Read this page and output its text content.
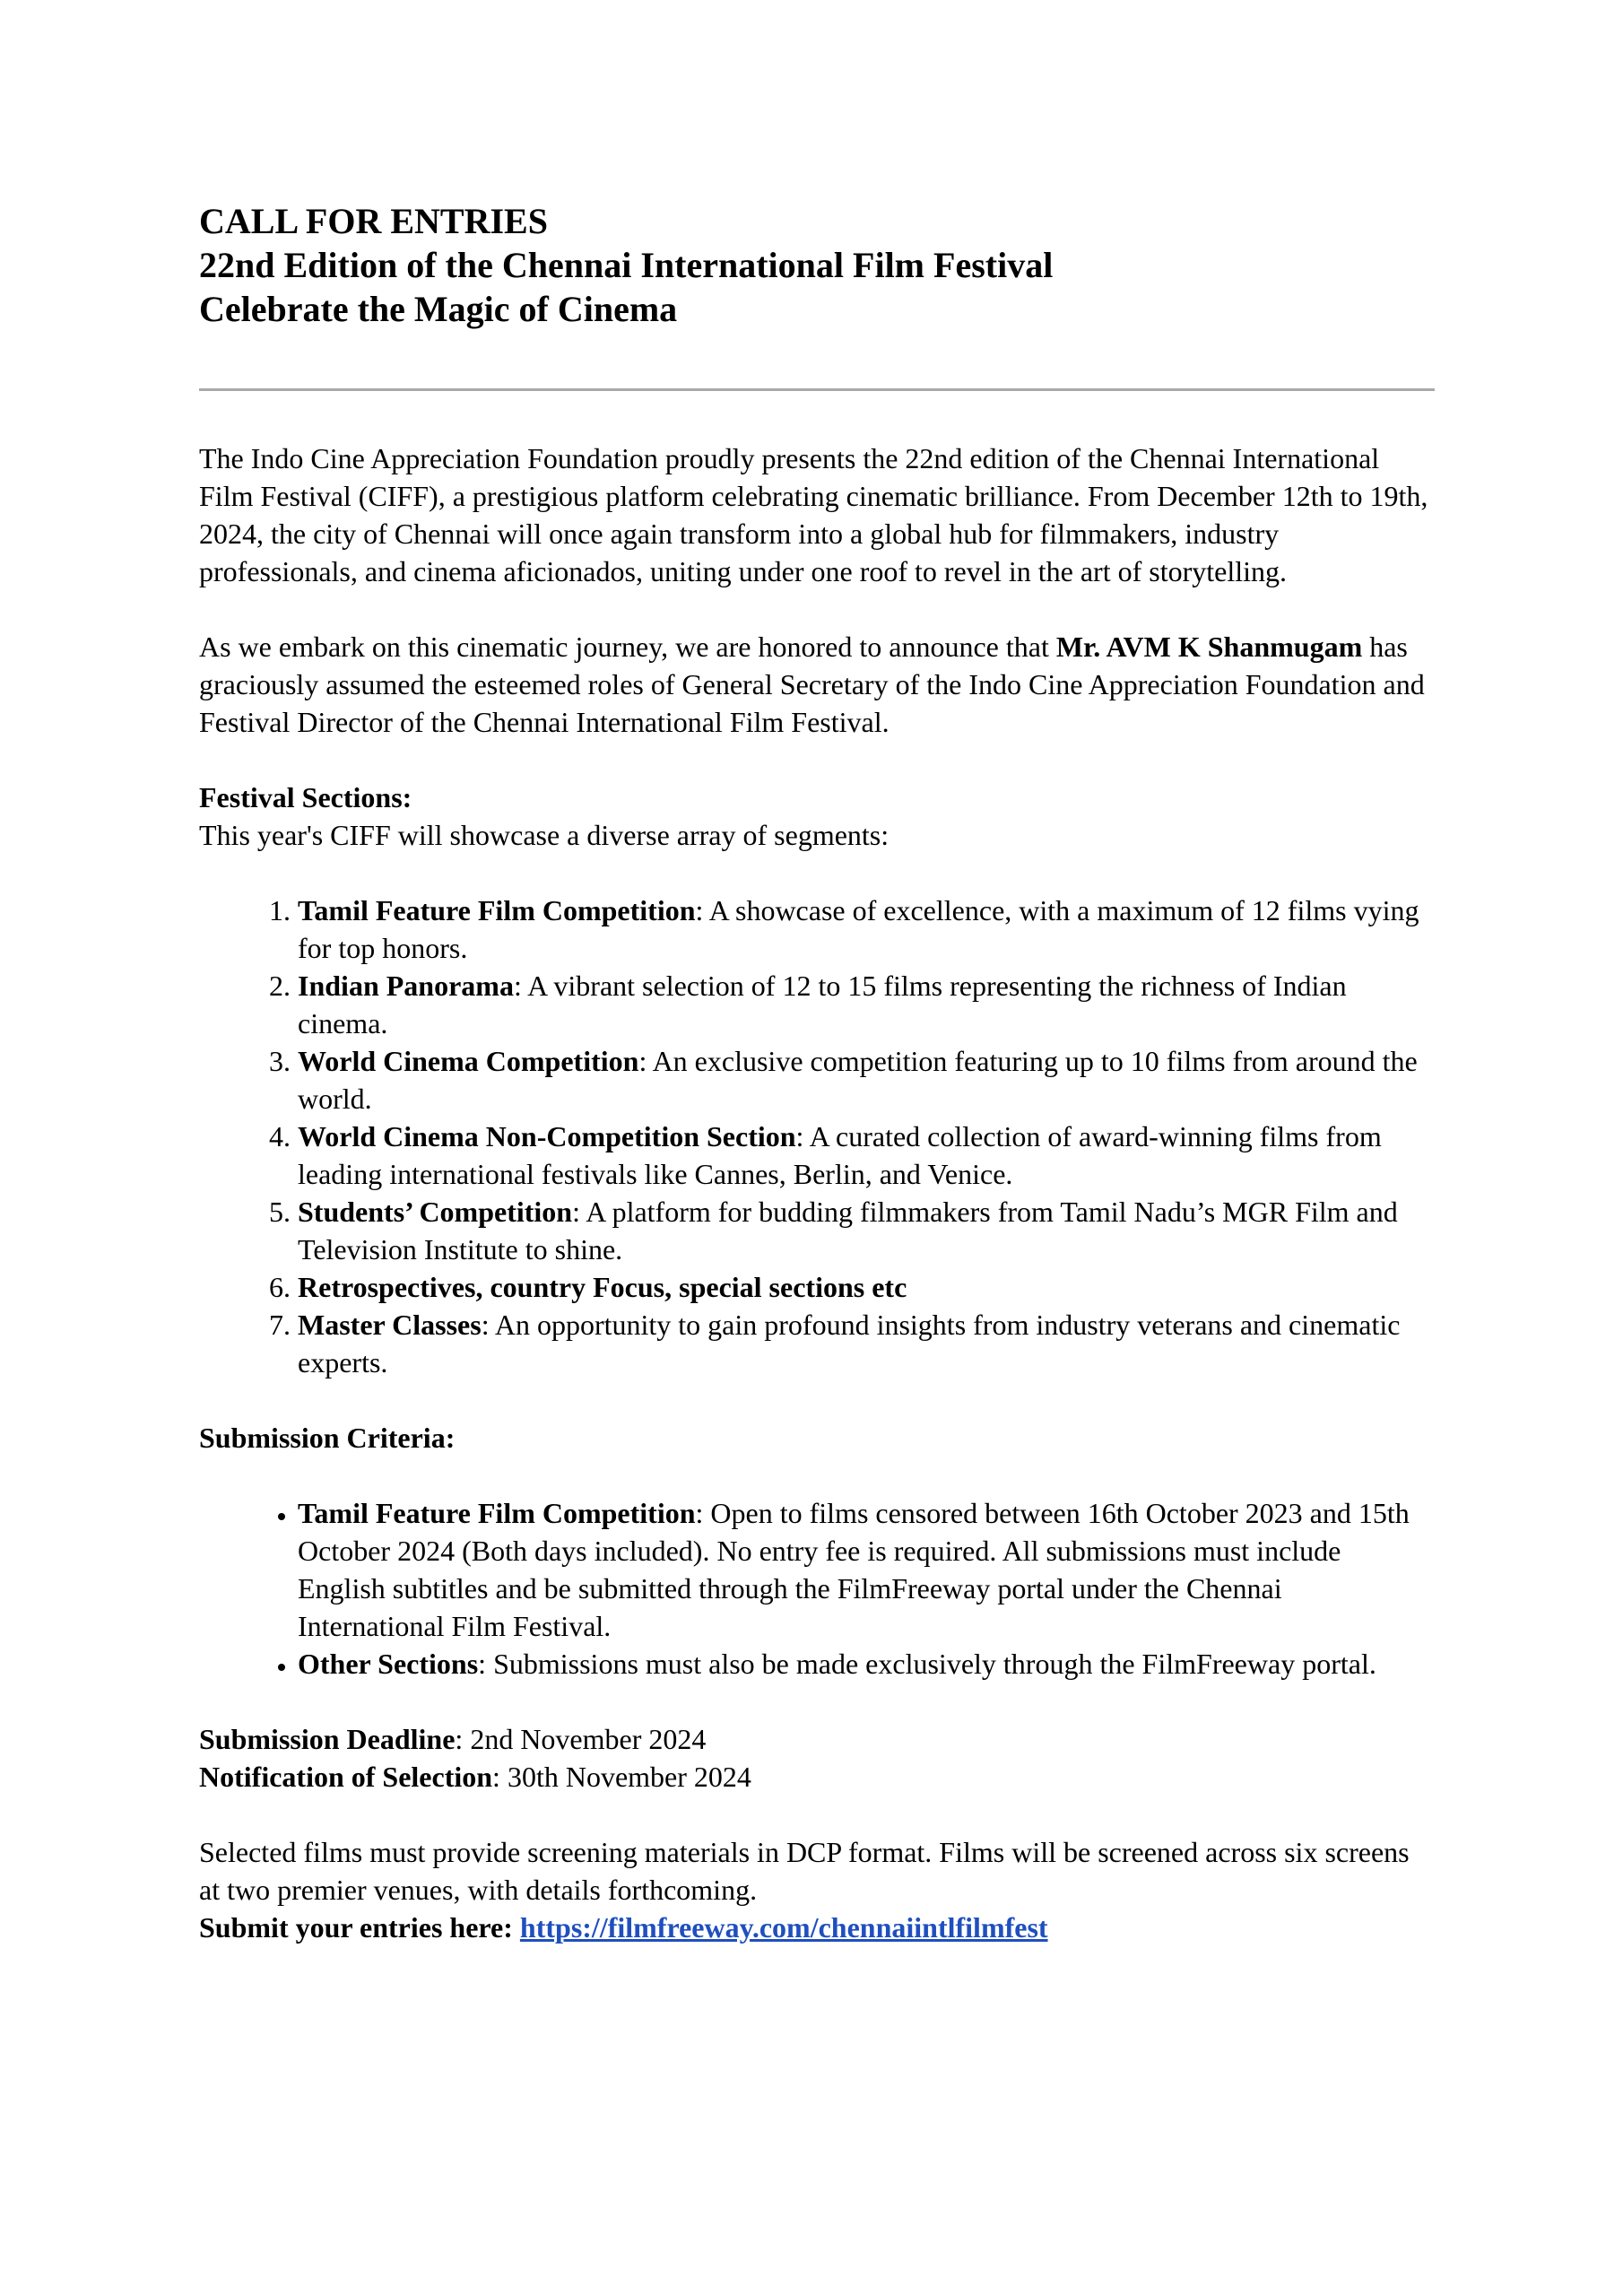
CALL FOR ENTRIES
22nd Edition of the Chennai International Film Festival
Celebrate the Magic of Cinema

The Indo Cine Appreciation Foundation proudly presents the 22nd edition of the Chennai International Film Festival (CIFF), a prestigious platform celebrating cinematic brilliance. From December 12th to 19th, 2024, the city of Chennai will once again transform into a global hub for filmmakers, industry professionals, and cinema aficionados, uniting under one roof to revel in the art of storytelling.

As we embark on this cinematic journey, we are honored to announce that Mr. AVM K Shanmugam has graciously assumed the esteemed roles of General Secretary of the Indo Cine Appreciation Foundation and Festival Director of the Chennai International Film Festival.

Festival Sections:

This year's CIFF will showcase a diverse array of segments:

1. Tamil Feature Film Competition: A showcase of excellence, with a maximum of 12 films vying for top honors.
2. Indian Panorama: A vibrant selection of 12 to 15 films representing the richness of Indian cinema.
3. World Cinema Competition: An exclusive competition featuring up to 10 films from around the world.
4. World Cinema Non-Competition Section: A curated collection of award-winning films from leading international festivals like Cannes, Berlin, and Venice.
5. Students’ Competition: A platform for budding filmmakers from Tamil Nadu’s MGR Film and Television Institute to shine.
6. Retrospectives, country Focus, special sections etc
7. Master Classes: An opportunity to gain profound insights from industry veterans and cinematic experts.

Submission Criteria:

• Tamil Feature Film Competition: Open to films censored between 16th October 2023 and 15th October 2024 (Both days included). No entry fee is required. All submissions must include English subtitles and be submitted through the FilmFreeway portal under the Chennai International Film Festival.
• Other Sections: Submissions must also be made exclusively through the FilmFreeway portal.

Submission Deadline: 2nd November 2024

Notification of Selection: 30th November 2024

Selected films must provide screening materials in DCP format. Films will be screened across six screens at two premier venues, with details forthcoming.

Submit your entries here: https://filmfreeway.com/chennaiintlfilmfest
